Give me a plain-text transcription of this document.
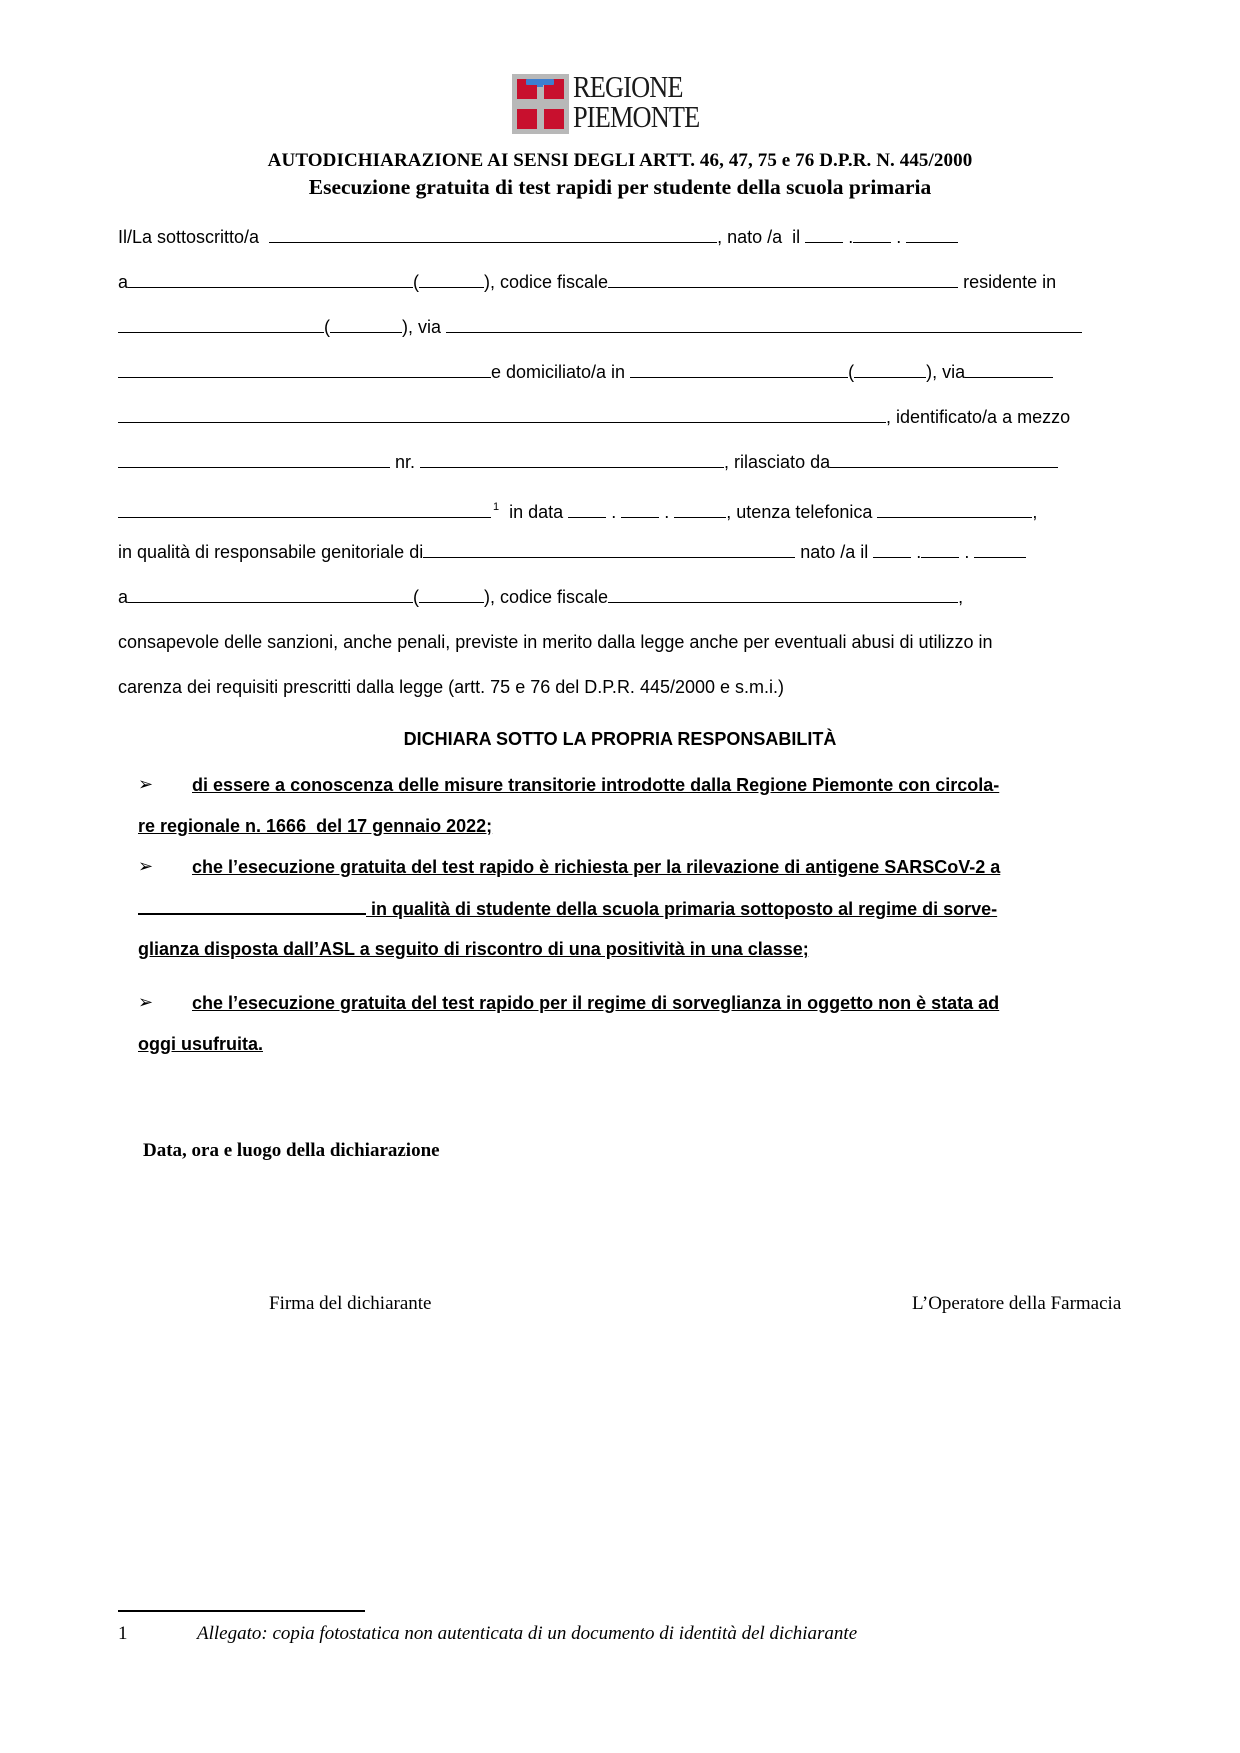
REGIONE
PIEMONTE
AUTODICHIARAZIONE AI SENSI DEGLI ARTT. 46, 47, 75 e 76 D.P.R. N. 445/2000
Esecuzione gratuita di test rapidi per studente della scuola primaria
Il/La sottoscritto/a	, nato /a  il	. .
a	(	), codice fiscale	residente in
(	), via
e domiciliato/a in	(	), via
, identificato/a a mezzo
nr.	, rilasciato da
$^1$ in data	.	.	, utenza telefonica	,
in qualità di responsabile genitoriale di	nato /a il	. .
a	(	), codice fiscale	,
consapevole delle sanzioni, anche penali, previste in merito dalla legge anche per eventuali abusi di utilizzo in
carenza dei requisiti prescritti dalla legge (artt. 75 e 76 del D.P.R. 445/2000 e s.m.i.)
DICHIARA SOTTO LA PROPRIA RESPONSABILITÀ
➢ di essere a conoscenza delle misure transitorie introdotte dalla Regione Piemonte con circola-
re regionale n. 1666  del 17 gennaio 2022;
➢ che l’esecuzione gratuita del test rapido è richiesta per la rilevazione di antigene SARSCoV-2 a
in qualità di studente della scuola primaria sottoposto al regime di sorve-
glianza disposta dall’ASL a seguito di riscontro di una positività in una classe;
➢ che l’esecuzione gratuita del test rapido per il regime di sorveglianza in oggetto non è stata ad
oggi usufruita.
Data, ora e luogo della dichiarazione
Firma del dichiarante	L’Operatore della Farmacia
1	Allegato: copia fotostatica non autenticata di un documento di identità del dichiarante
